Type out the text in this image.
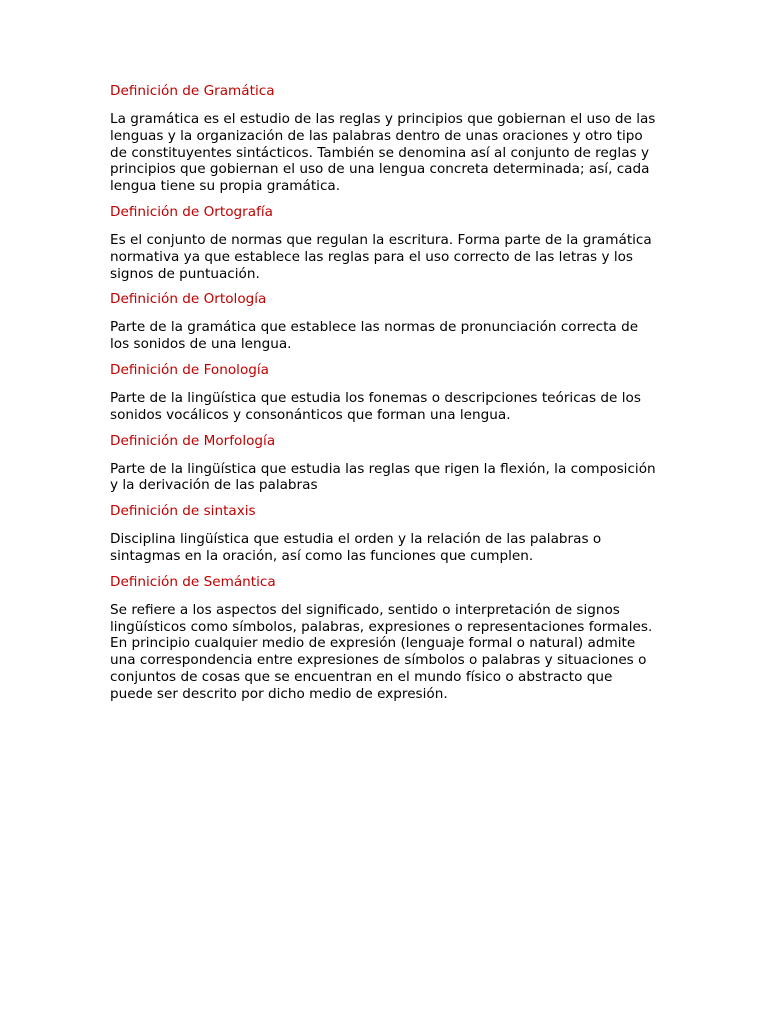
Definición de Gramática

La gramática es el estudio de las reglas y principios que gobiernan el uso de las lenguas y la organización de las palabras dentro de unas oraciones y otro tipo de constituyentes sintácticos. También se denomina así al conjunto de reglas y principios que gobiernan el uso de una lengua concreta determinada; así, cada lengua tiene su propia gramática.

Definición de Ortografía

Es el conjunto de normas que regulan la escritura. Forma parte de la gramática normativa ya que establece las reglas para el uso correcto de las letras y los signos de puntuación.

Definición de Ortología

Parte de la gramática que establece las normas de pronunciación correcta de los sonidos de una lengua.

Definición de Fonología

Parte de la lingüística que estudia los fonemas o descripciones teóricas de los sonidos vocálicos y consonánticos que forman una lengua.

Definición de Morfología

Parte de la lingüística que estudia las reglas que rigen la flexión, la composición y la derivación de las palabras

Definición de sintaxis

Disciplina lingüística que estudia el orden y la relación de las palabras o sintagmas en la oración, así como las funciones que cumplen.

Definición de Semántica

Se refiere a los aspectos del significado, sentido o interpretación de signos lingüísticos como símbolos, palabras, expresiones o representaciones formales. En principio cualquier medio de expresión (lenguaje formal o natural) admite una correspondencia entre expresiones de símbolos o palabras y situaciones o conjuntos de cosas que se encuentran en el mundo físico o abstracto que puede ser descrito por dicho medio de expresión.
